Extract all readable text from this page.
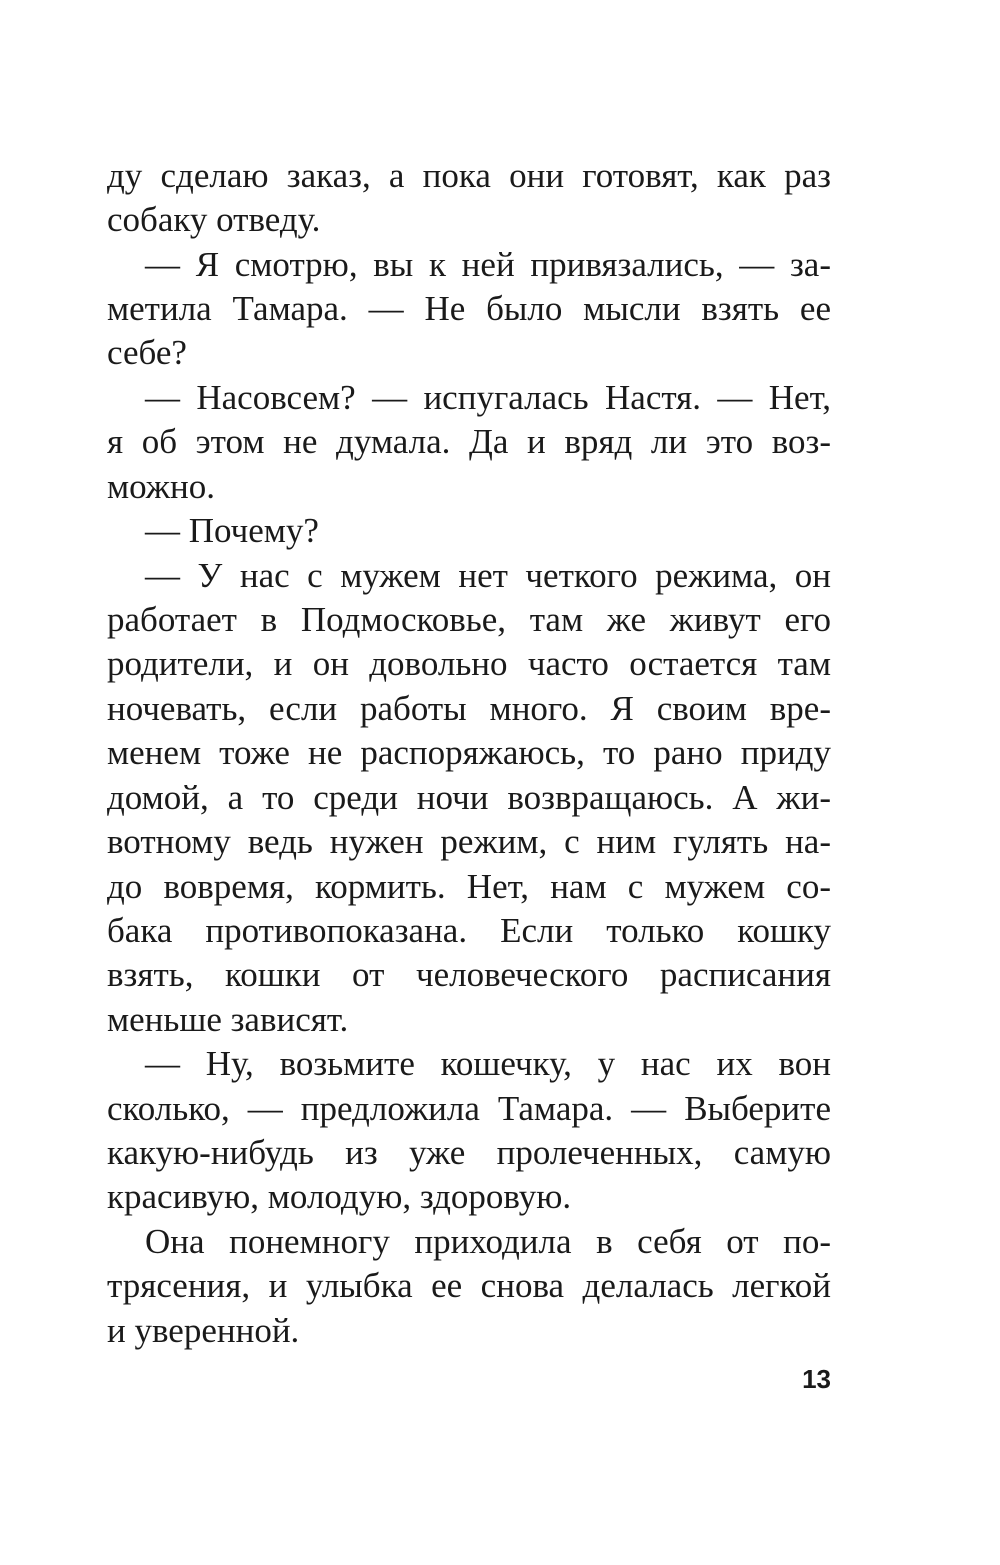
ду сделаю заказ, а пока они готовят, как раз
собаку отведу.
— Я смотрю, вы к ней привязались, — за-
метила Тамара. — Не было мысли взять ее
себе?
— Насовсем? — испугалась Настя. — Нет,
я об этом не думала. Да и вряд ли это воз-
можно.
— Почему?
— У нас с мужем нет четкого режима, он
работает в Подмосковье, там же живут его
родители, и он довольно часто остается там
ночевать, если работы много. Я своим вре-
менем тоже не распоряжаюсь, то рано приду
домой, а то среди ночи возвращаюсь. А жи-
вотному ведь нужен режим, с ним гулять на-
до вовремя, кормить. Нет, нам с мужем со-
бака противопоказана. Если только кошку
взять, кошки от человеческого расписания
меньше зависят.
— Ну, возьмите кошечку, у нас их вон
сколько, — предложила Тамара. — Выберите
какую-нибудь из уже пролеченных, самую
красивую, молодую, здоровую.
Она понемногу приходила в себя от по-
трясения, и улыбка ее снова делалась легкой
и уверенной.
13
